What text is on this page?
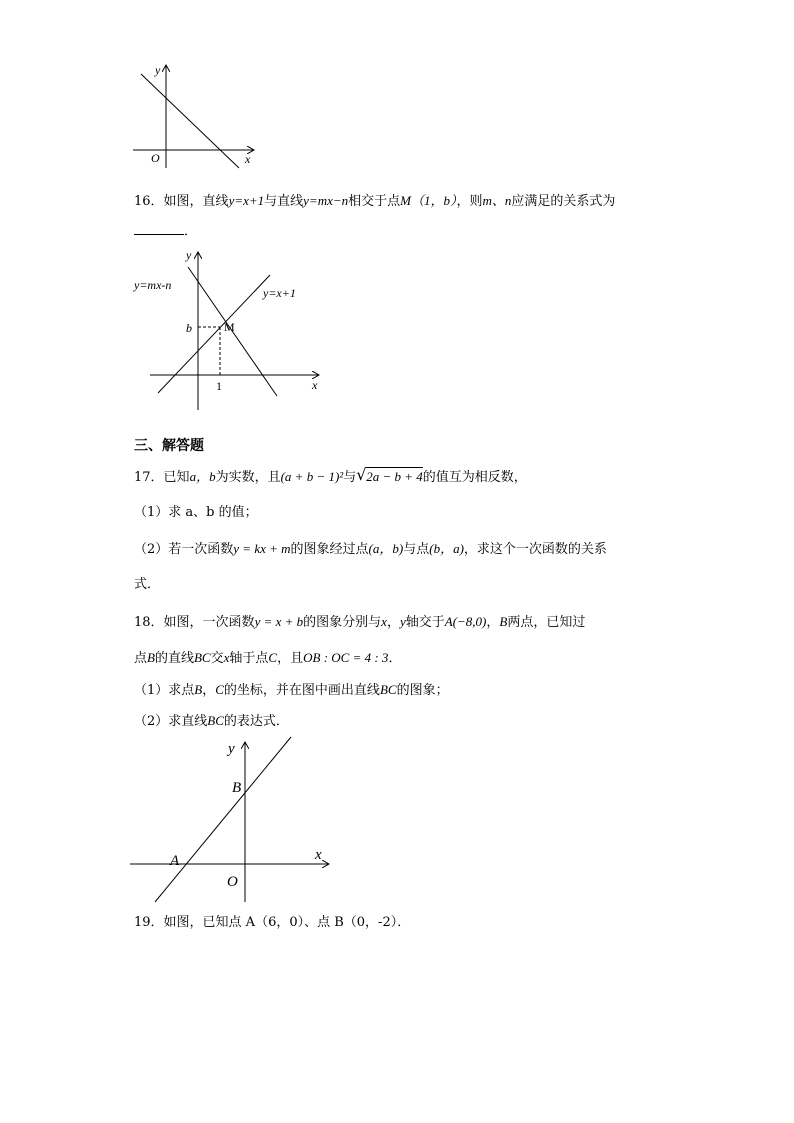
y
x
O
16．如图，直线y=x+1与直线y=mx−n相交于点M（1，b），则m、n应满足的关系式为
．
y
x
y=mx-n
y=x+1
b	M
1
三、解答题
17．已知a，b为实数，且(a + b − 1)²与 √ 2a − b + 4的值互为相反数，
（1）求 a、b 的值；
（2）若一次函数y = kx + m的图象经过点(a，b)与点(b，a)，求这个一次函数的关系
式．
18．如图，一次函数y = x + b的图象分别与x，y轴交于A(−8,0)，B两点，已知过
点B的直线BC交x轴于点C，且OB : OC = 4 : 3．
（1）求点B，C的坐标，并在图中画出直线BC的图象；
（2）求直线BC的表达式．
y
x
B
A
O
19．如图，已知点 A（6，0）、点 B（0，-2）．
